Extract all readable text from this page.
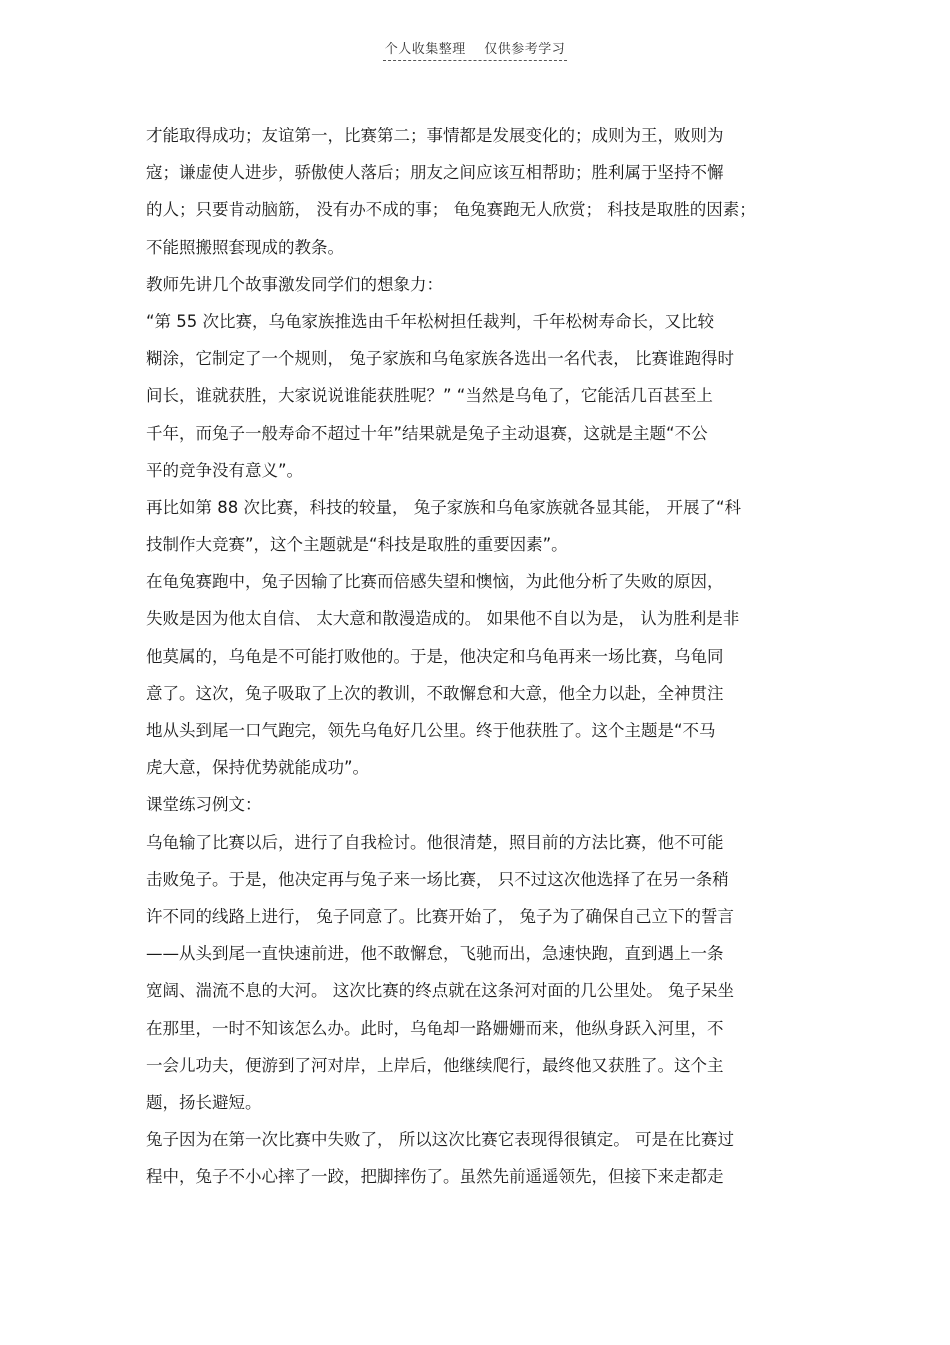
个人收集整理    仅供参考学习
才能取得成功；友谊第一，比赛第二；事情都是发展变化的；成则为王，败则为
寇；谦虚使人进步，骄傲使人落后；朋友之间应该互相帮助；胜利属于坚持不懈
的人；只要肯动脑筋， 没有办不成的事； 龟兔赛跑无人欣赏； 科技是取胜的因素；
不能照搬照套现成的教条。
教师先讲几个故事激发同学们的想象力：
“第 55 次比赛，乌龟家族推选由千年松树担任裁判，千年松树寿命长，又比较
糊涂，它制定了一个规则， 兔子家族和乌龟家族各选出一名代表， 比赛谁跑得时
间长，谁就获胜，大家说说谁能获胜呢？” “当然是乌龟了，它能活几百甚至上
千年，而兔子一般寿命不超过十年”结果就是兔子主动退赛，这就是主题“不公
平的竞争没有意义”。
再比如第 88 次比赛，科技的较量， 兔子家族和乌龟家族就各显其能， 开展了“科
技制作大竞赛”，这个主题就是“科技是取胜的重要因素”。
在龟兔赛跑中，兔子因输了比赛而倍感失望和懊恼，为此他分析了失败的原因，
失败是因为他太自信、 太大意和散漫造成的。 如果他不自以为是， 认为胜利是非
他莫属的，乌龟是不可能打败他的。于是，他决定和乌龟再来一场比赛，乌龟同
意了。这次，兔子吸取了上次的教训，不敢懈怠和大意，他全力以赴，全神贯注
地从头到尾一口气跑完，领先乌龟好几公里。终于他获胜了。这个主题是“不马
虎大意，保持优势就能成功”。
课堂练习例文：
乌龟输了比赛以后，进行了自我检讨。他很清楚，照目前的方法比赛，他不可能
击败兔子。于是，他决定再与兔子来一场比赛， 只不过这次他选择了在另一条稍
许不同的线路上进行， 兔子同意了。比赛开始了， 兔子为了确保自己立下的誓言
——从头到尾一直快速前进，他不敢懈怠，飞驰而出，急速快跑，直到遇上一条
宽阔、湍流不息的大河。 这次比赛的终点就在这条河对面的几公里处。 兔子呆坐
在那里，一时不知该怎么办。此时，乌龟却一路姗姗而来，他纵身跃入河里，不
一会儿功夫，便游到了河对岸，上岸后，他继续爬行，最终他又获胜了。这个主
题，扬长避短。
兔子因为在第一次比赛中失败了， 所以这次比赛它表现得很镇定。 可是在比赛过
程中，兔子不小心摔了一跤，把脚摔伤了。虽然先前遥遥领先，但接下来走都走
